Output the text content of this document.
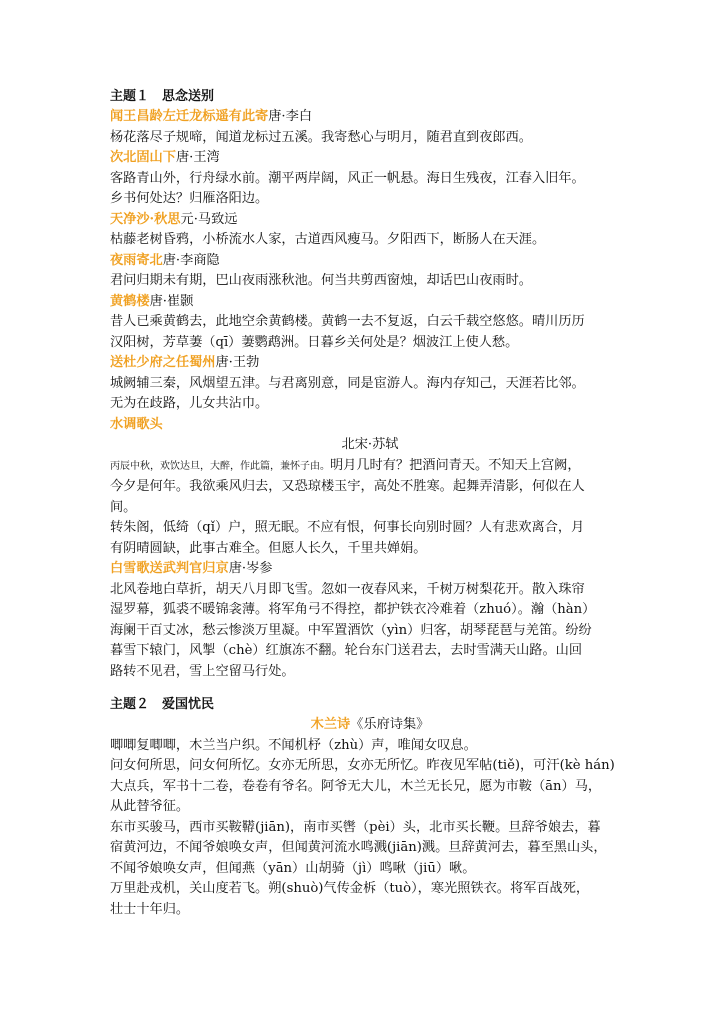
主题１　思念送别
闻王昌龄左迁龙标遥有此寄唐·李白
杨花落尽子规啼，闻道龙标过五溪。我寄愁心与明月，随君直到夜郎西。
次北固山下唐·王湾
客路青山外，行舟绿水前。潮平两岸阔，风正一帆悬。海日生残夜，江春入旧年。
乡书何处达？归雁洛阳边。
天净沙·秋思元·马致远
枯藤老树昏鸦，小桥流水人家，古道西风瘦马。夕阳西下，断肠人在天涯。
夜雨寄北唐·李商隐
君问归期未有期，巴山夜雨涨秋池。何当共剪西窗烛，却话巴山夜雨时。
黄鹤楼唐·崔颢
昔人已乘黄鹤去，此地空余黄鹤楼。黄鹤一去不复返，白云千载空悠悠。晴川历历
汉阳树，芳草萋（qī）萋鹦鹉洲。日暮乡关何处是？烟波江上使人愁。
送杜少府之任蜀州唐·王勃
城阙辅三秦，风烟望五津。与君离别意，同是宦游人。海内存知己，天涯若比邻。
无为在歧路，儿女共沾巾。
水调歌头
北宋·苏轼
丙辰中秋，欢饮达旦，大醉，作此篇，兼怀子由。明月几时有？把酒问青天。不知天上宫阙，
今夕是何年。我欲乘风归去，又恐琼楼玉宇，高处不胜寒。起舞弄清影，何似在人
间。
转朱阁，低绮（qǐ）户，照无眠。不应有恨，何事长向别时圆？人有悲欢离合，月
有阴晴圆缺，此事古难全。但愿人长久，千里共婵娟。
白雪歌送武判官归京唐·岑参
北风卷地白草折，胡天八月即飞雪。忽如一夜春风来，千树万树梨花开。散入珠帘
湿罗幕，狐裘不暖锦衾薄。将军角弓不得控，都护铁衣冷难着（zhuó）。瀚（hàn）
海阑干百丈冰，愁云惨淡万里凝。中军置酒饮（yìn）归客，胡琴琵琶与羌笛。纷纷
暮雪下辕门，风掣（chè）红旗冻不翻。轮台东门送君去，去时雪满天山路。山回
路转不见君，雪上空留马行处。
主题２　爱国忧民
木兰诗《乐府诗集》
唧唧复唧唧，木兰当户织。不闻机杼（zhù）声，唯闻女叹息。
问女何所思，问女何所忆。女亦无所思，女亦无所忆。昨夜见军帖(tiě)，可汗(kè hán)
大点兵，军书十二卷，卷卷有爷名。阿爷无大儿，木兰无长兄，愿为市鞍（ān）马，
从此替爷征。
东市买骏马，西市买鞍鞯(jiān)，南市买辔（pèi）头，北市买长鞭。旦辞爷娘去，暮
宿黄河边，不闻爷娘唤女声，但闻黄河流水鸣溅(jiān)溅。旦辞黄河去，暮至黑山头，
不闻爷娘唤女声，但闻燕（yān）山胡骑（jì）鸣啾（jiū）啾。
万里赴戎机，关山度若飞。朔(shuò)气传金柝（tuò），寒光照铁衣。将军百战死，
壮士十年归。
